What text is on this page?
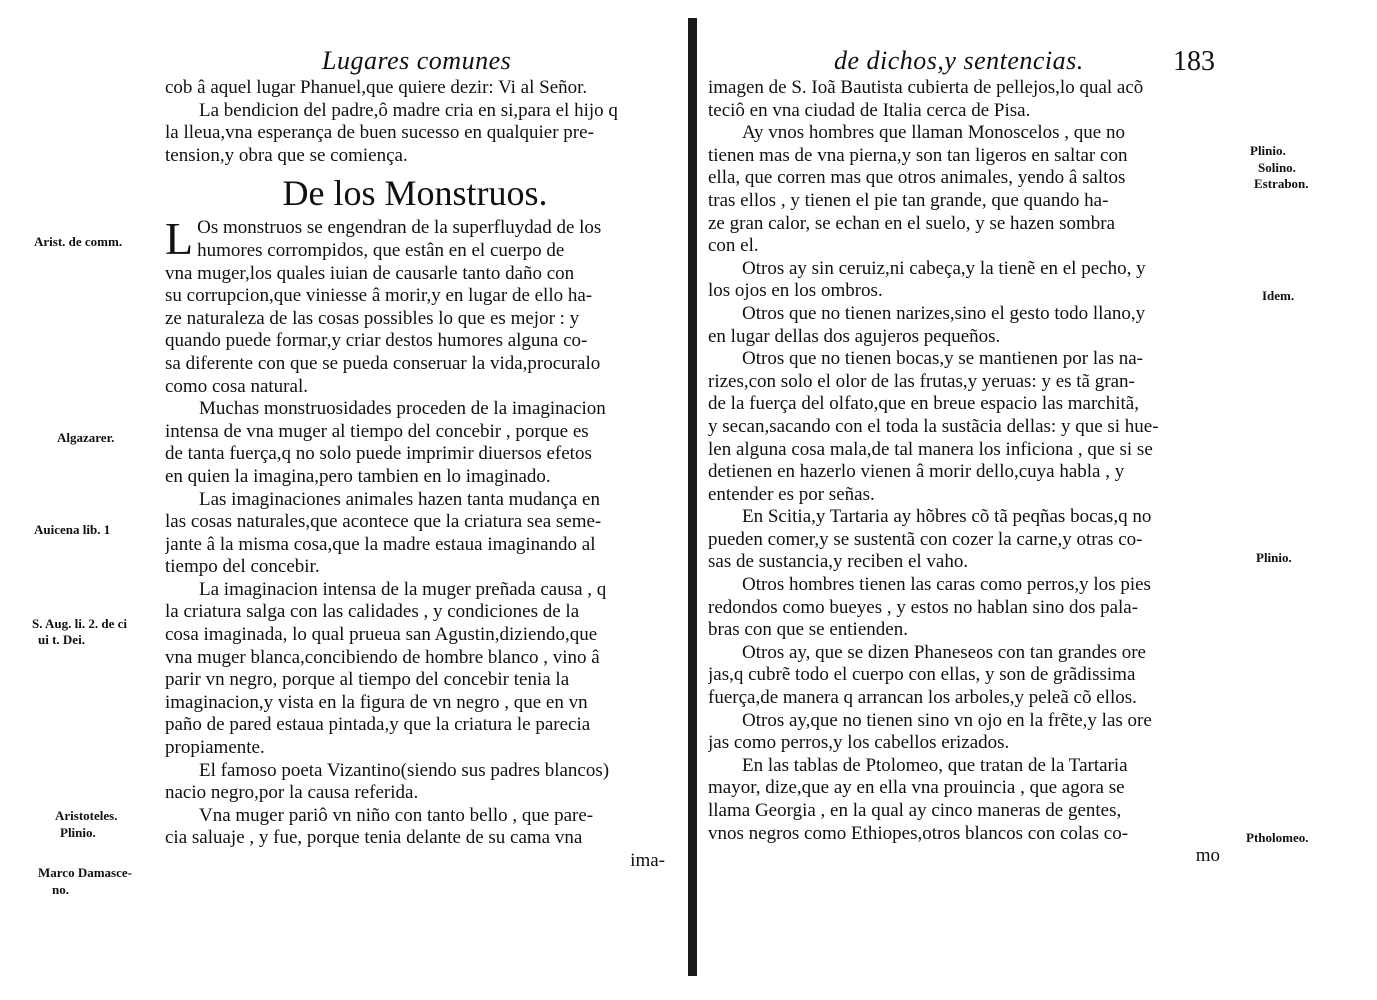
Lugares comunes
cob â aquel lugar Phanuel,que quiere dezir: Vi al Señor.
La bendicion del padre,ô madre cria en si,para el hijo q
la lleua,vna esperança de buen sucesso en qualquier pre-
tension,y obra que se comiença.
De los Monstruos.
L Os monstruos se engendran de la superfluydad de los
humores corrompidos, que estân en el cuerpo de
vna muger,los quales iuian de causarle tanto daño con
su corrupcion,que viniesse â morir,y en lugar de ello ha-
ze naturaleza de las cosas possibles lo que es mejor : y
quando puede formar,y criar destos humores alguna co-
sa diferente con que se pueda conseruar la vida,procuralo
como cosa natural.
Muchas monstruosidades proceden de la imaginacion
intensa de vna muger al tiempo del concebir , porque es
de tanta fuerça,q no solo puede imprimir diuersos efetos
en quien la imagina,pero tambien en lo imaginado.
Las imaginaciones animales hazen tanta mudança en
las cosas naturales,que acontece que la criatura sea seme-
jante â la misma cosa,que la madre estaua imaginando al
tiempo del concebir.
La imaginacion intensa de la muger preñada causa , q
la criatura salga con las calidades , y condiciones de la
cosa imaginada, lo qual prueua san Agustin,diziendo,que
vna muger blanca,concibiendo de hombre blanco , vino â
parir vn negro, porque al tiempo del concebir tenia la
imaginacion,y vista en la figura de vn negro , que en vn
paño de pared estaua pintada,y que la criatura le parecia
propiamente.
El famoso poeta Vizantino(siendo sus padres blancos)
nacio negro,por la causa referida.
Vna muger pariô vn niño con tanto bello , que pare-
cia saluaje , y fue, porque tenia delante de su cama vna
ima-
Arist. de comm.
Algazarer.
Auicena lib. 1
S. Aug. li. 2. de ci
ui t. Dei.
Aristoteles.
Plinio.
Marco Damasce-
no.
de dichos,y sentencias.	183
imagen de S. Ioã Bautista cubierta de pellejos,lo qual acõ
teciô en vna ciudad de Italia cerca de Pisa.
Ay vnos hombres que llaman Monoscelos , que no
tienen mas de vna pierna,y son tan ligeros en saltar con
ella, que corren mas que otros animales, yendo â saltos
tras ellos , y tienen el pie tan grande, que quando ha-
ze gran calor, se echan en el suelo, y se hazen sombra
con el.
Otros ay sin ceruiz,ni cabeça,y la tienẽ en el pecho, y
los ojos en los ombros.
Otros que no tienen narizes,sino el gesto todo llano,y
en lugar dellas dos agujeros pequeños.
Otros que no tienen bocas,y se mantienen por las na-
rizes,con solo el olor de las frutas,y yeruas: y es tã gran-
de la fuerça del olfato,que en breue espacio las marchitã,
y secan,sacando con el toda la sustãcia dellas: y que si hue-
len alguna cosa mala,de tal manera los inficiona , que si se
detienen en hazerlo vienen â morir dello,cuya habla , y
entender es por señas.
En Scitia,y Tartaria ay hõbres cõ tã peqñas bocas,q no
pueden comer,y se sustentã con cozer la carne,y otras co-
sas de sustancia,y reciben el vaho.
Otros hombres tienen las caras como perros,y los pies
redondos como bueyes , y estos no hablan sino dos pala-
bras con que se entienden.
Otros ay, que se dizen Phaneseos con tan grandes ore
jas,q cubrẽ todo el cuerpo con ellas, y son de grãdissima
fuerça,de manera q arrancan los arboles,y peleã cõ ellos.
Otros ay,que no tienen sino vn ojo en la frẽte,y las ore
jas como perros,y los cabellos erizados.
En las tablas de Ptolomeo, que tratan de la Tartaria
mayor, dize,que ay en ella vna prouincia , que agora se
llama Georgia , en la qual ay cinco maneras de gentes,
vnos negros como Ethiopes,otros blancos con colas co-
mo
Plinio.
Solino.
Estrabon.
Idem.
Plinio.
Ptholomeo.
